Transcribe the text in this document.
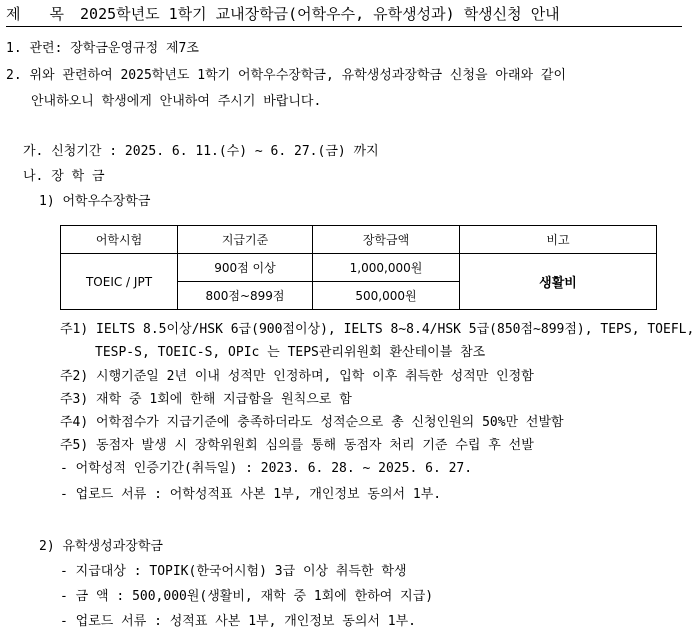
제 목 2025학년도 1학기 교내장학금(어학우수, 유학생성과) 학생신청 안내
1. 관련: 장학금운영규정 제7조
2. 위와 관련하여 2025학년도 1학기 어학우수장학금, 유학생성과장학금 신청을 아래와 같이
안내하오니 학생에게 안내하여 주시기 바랍니다.
가. 신청기간 : 2025. 6. 11.(수) ~ 6. 27.(금) 까지
나. 장 학 금
1) 어학우수장학금
어학시험	지급기준	장학금액	비고
TOEIC / JPT	900점 이상	1,000,000원	생활비
	800점~899점	500,000원	
주1) IELTS 8.5이상/HSK 6급(900점이상), IELTS 8~8.4/HSK 5급(850점~899점), TEPS, TOEFL,
TESP-S, TOEIC-S, OPIc 는 TEPS관리위원회 환산테이블 참조
주2) 시행기준일 2년 이내 성적만 인정하며, 입학 이후 취득한 성적만 인정함
주3) 재학 중 1회에 한해 지급함을 원칙으로 함
주4) 어학점수가 지급기준에 충족하더라도 성적순으로 총 신청인원의 50%만 선발함
주5) 동점자 발생 시 장학위원회 심의를 통해 동점자 처리 기준 수립 후 선발
- 어학성적 인증기간(취득일) : 2023. 6. 28. ~ 2025. 6. 27.
- 업로드 서류 : 어학성적표 사본 1부, 개인정보 동의서 1부.
2) 유학생성과장학금
- 지급대상 : TOPIK(한국어시험) 3급 이상 취득한 학생
- 금 액 : 500,000원(생활비, 재학 중 1회에 한하여 지급)
- 업로드 서류 : 성적표 사본 1부, 개인정보 동의서 1부.
